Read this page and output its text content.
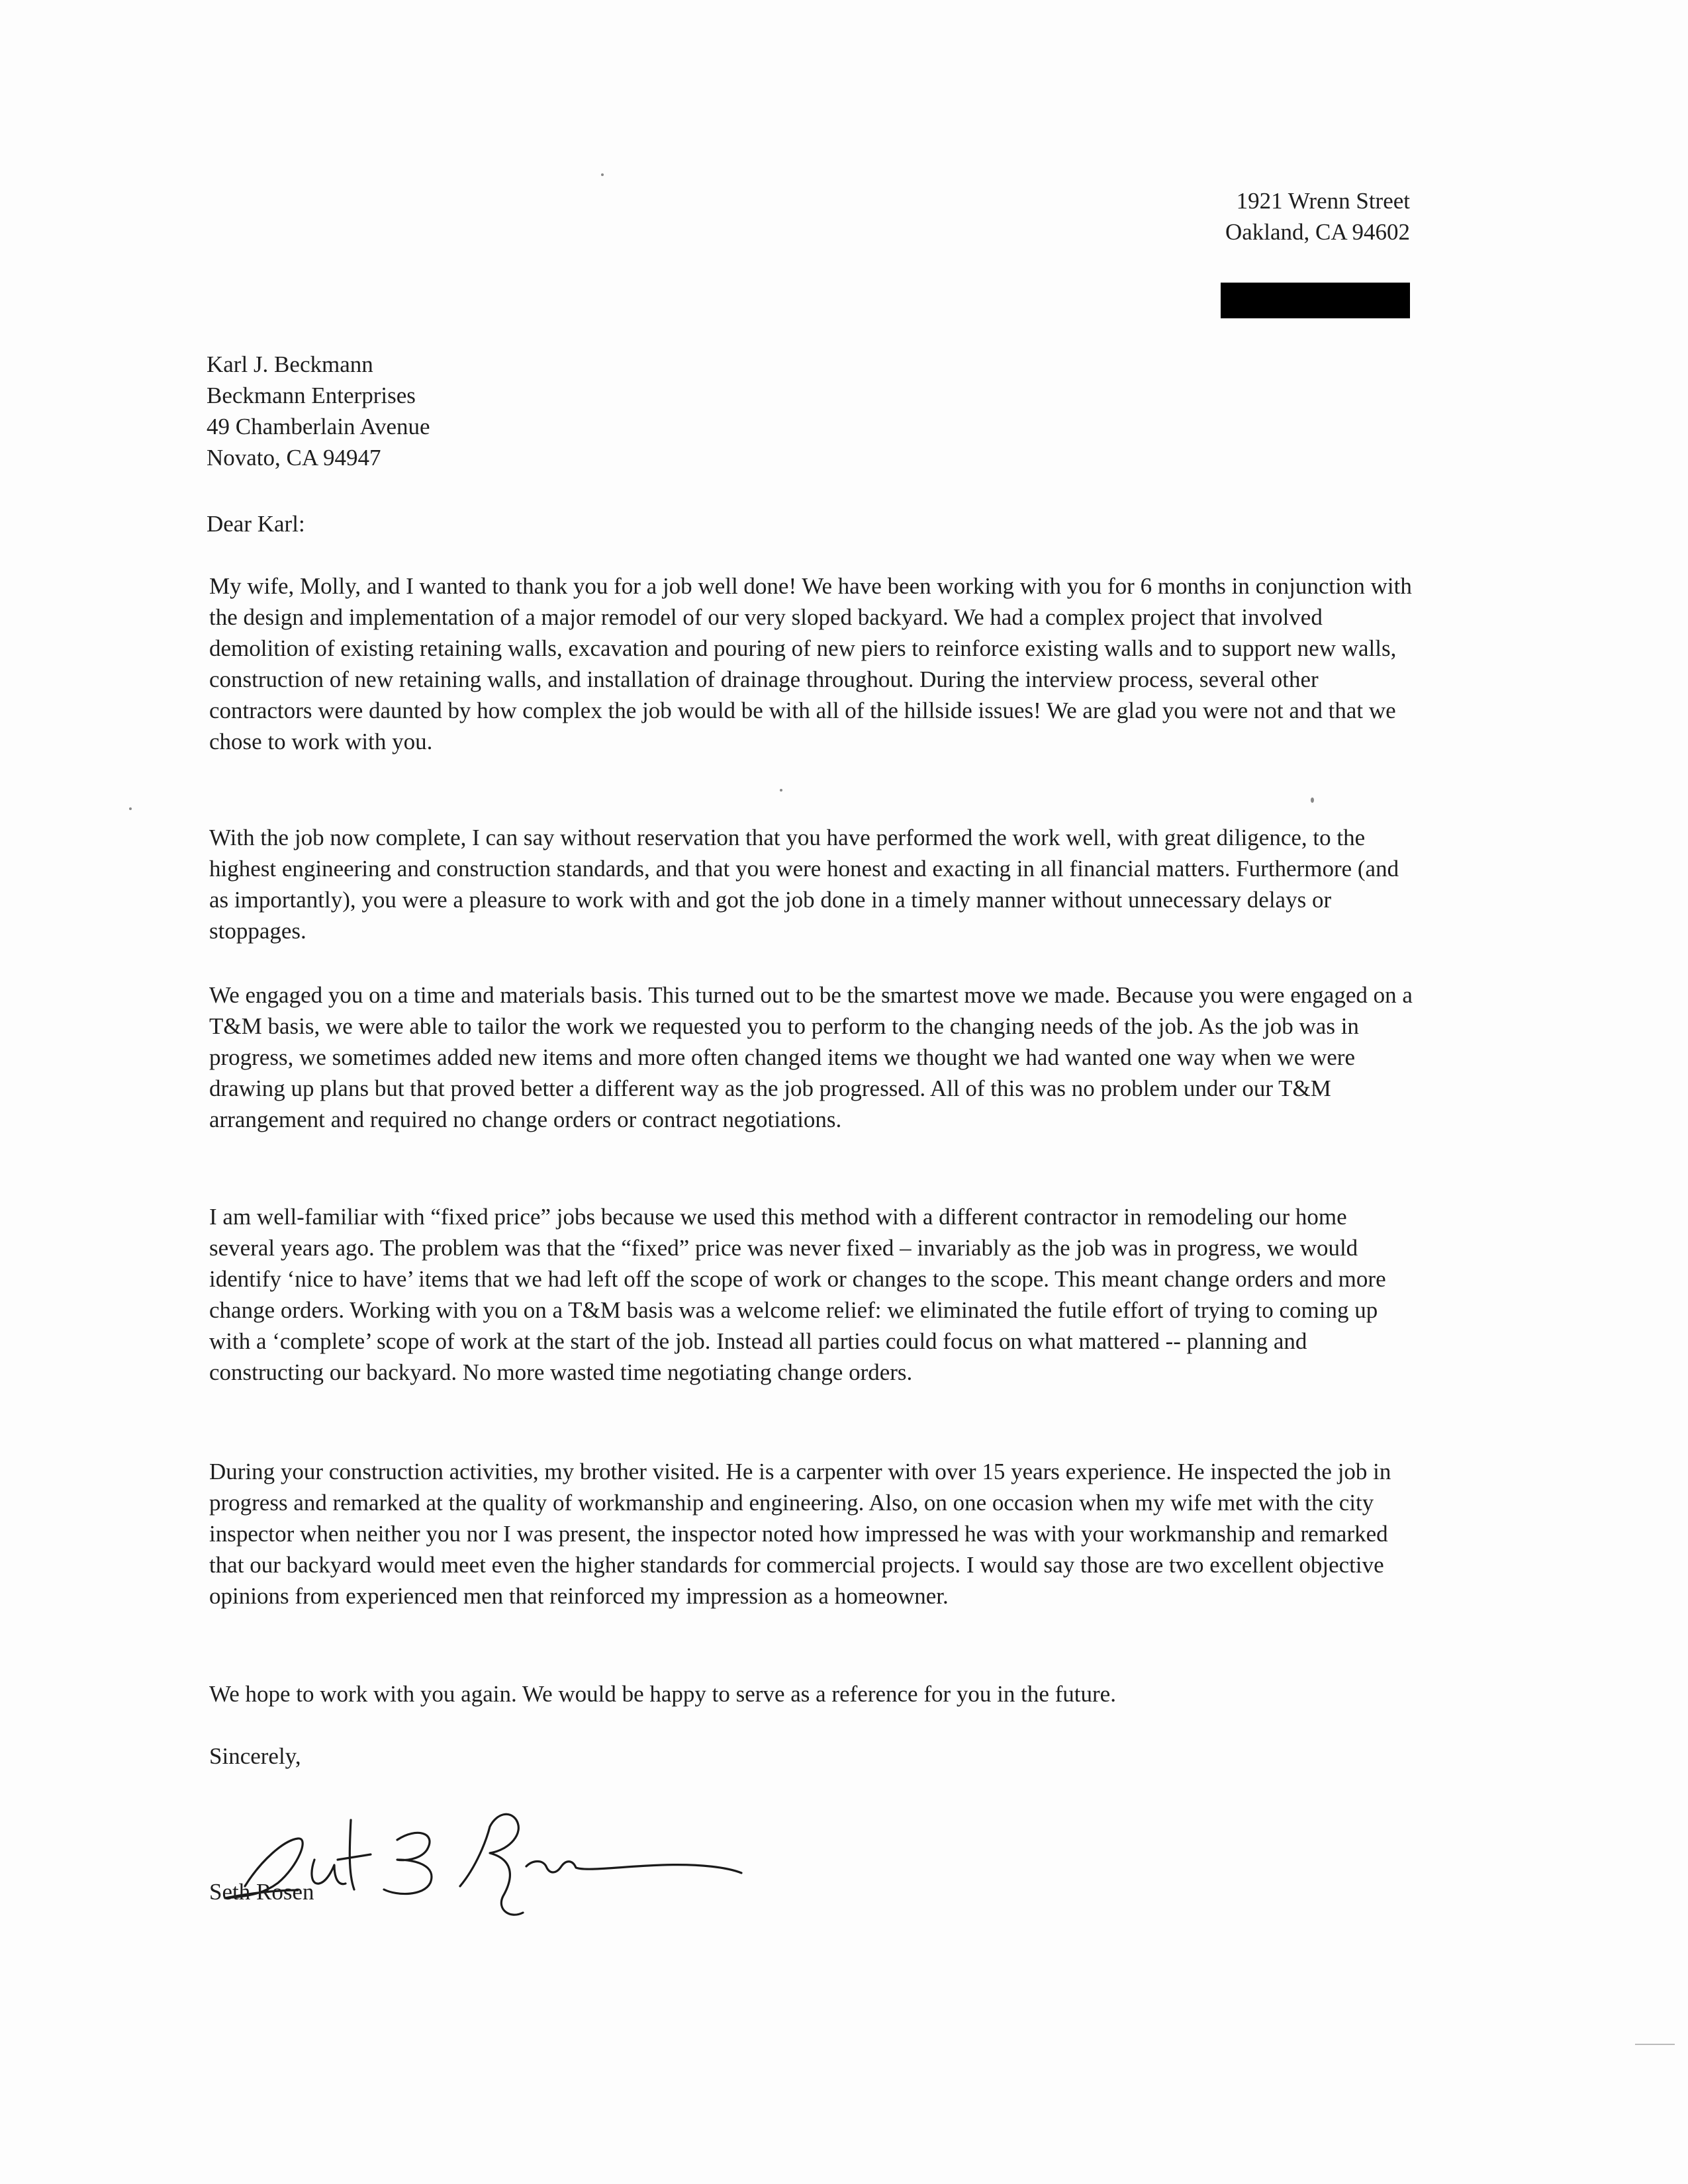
1921 Wrenn Street
Oakland, CA 94602
Karl J. Beckmann
Beckmann Enterprises
49 Chamberlain Avenue
Novato, CA 94947
Dear Karl:

My wife, Molly, and I wanted to thank you for a job well done! We have been working with you for 6 months in conjunction with the design and implementation of a major remodel of our very sloped backyard. We had a complex project that involved demolition of existing retaining walls, excavation and pouring of new piers to reinforce existing walls and to support new walls, construction of new retaining walls, and installation of drainage throughout. During the interview process, several other contractors were daunted by how complex the job would be with all of the hillside issues! We are glad you were not and that we chose to work with you.

With the job now complete, I can say without reservation that you have performed the work well, with great diligence, to the highest engineering and construction standards, and that you were honest and exacting in all financial matters. Furthermore (and as importantly), you were a pleasure to work with and got the job done in a timely manner without unnecessary delays or stoppages.

We engaged you on a time and materials basis. This turned out to be the smartest move we made. Because you were engaged on a T&M basis, we were able to tailor the work we requested you to perform to the changing needs of the job. As the job was in progress, we sometimes added new items and more often changed items we thought we had wanted one way when we were drawing up plans but that proved better a different way as the job progressed. All of this was no problem under our T&M arrangement and required no change orders or contract negotiations.

I am well-familiar with “fixed price” jobs because we used this method with a different contractor in remodeling our home several years ago. The problem was that the “fixed” price was never fixed – invariably as the job was in progress, we would identify ‘nice to have’ items that we had left off the scope of work or changes to the scope. This meant change orders and more change orders. Working with you on a T&M basis was a welcome relief: we eliminated the futile effort of trying to coming up with a ‘complete’ scope of work at the start of the job. Instead all parties could focus on what mattered -- planning and constructing our backyard. No more wasted time negotiating change orders.

During your construction activities, my brother visited. He is a carpenter with over 15 years experience. He inspected the job in progress and remarked at the quality of workmanship and engineering. Also, on one occasion when my wife met with the city inspector when neither you nor I was present, the inspector noted how impressed he was with your workmanship and remarked that our backyard would meet even the higher standards for commercial projects. I would say those are two excellent objective opinions from experienced men that reinforced my impression as a homeowner.

We hope to work with you again. We would be happy to serve as a reference for you in the future.

Sincerely,
Seth Rosen
